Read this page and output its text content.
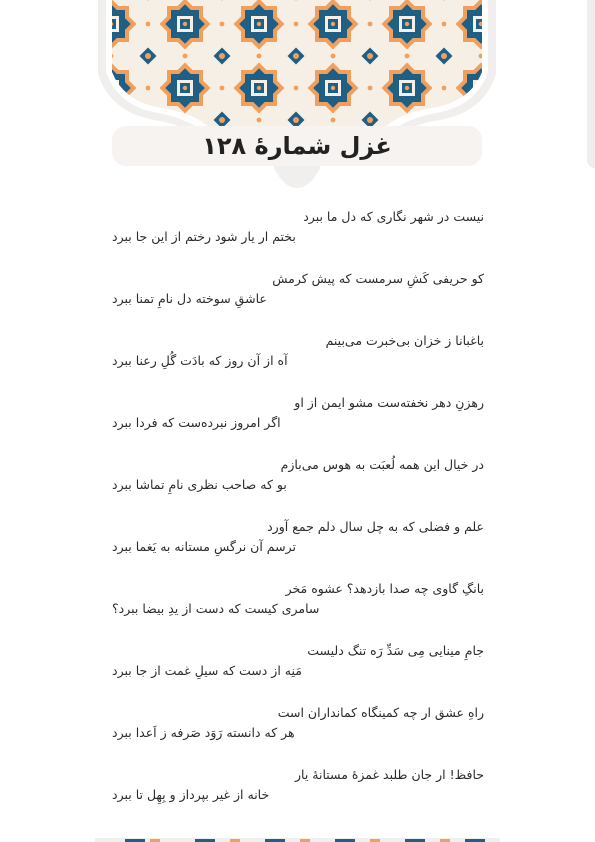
غزل شمارهٔ ۱۲۸
نیست در شهر نگاری که دل ما ببرد
بختم ار یار شود رختم از این جا ببرد
کو حریفی کَشِ سرمست که پیش کرمش
عاشقِ سوخته دل نامِ تمنا ببرد
باغبانا ز خزان بی‌خبرت می‌بینم
آه از آن روز که بادَت گُلِ رعنا ببرد
رهزنِ دهر نخفته‌ست مشو ایمن از او
اگر امروز نبرده‌ست که فردا ببرد
در خیال این همه لُعبَت به هوس می‌بازم
بو که صاحب نظری نامِ تماشا ببرد
علم و فضلی که به چل سال دلم جمع آورد
ترسم آن نرگسِ مستانه به یَغما ببرد
بانگِ گاوی چه صدا بازدهد؟ عشوه مَخر
سامری کیست که دست از یدِ بیضا ببرد؟
جامِ مینایی مِی سَدِّ رَه تنگ دلیست
مَنِه از دست که سیلِ غمت از جا ببرد
راهِ عشق ار چه کمینگاه کمانداران است
هر که دانسته رَوَد صَرفه ز اَعدا ببرد
حافظ! ار جان طلبد غمزهٔ مستانهٔ یار
خانه از غیر بپرداز و بِهِل تا ببرد
